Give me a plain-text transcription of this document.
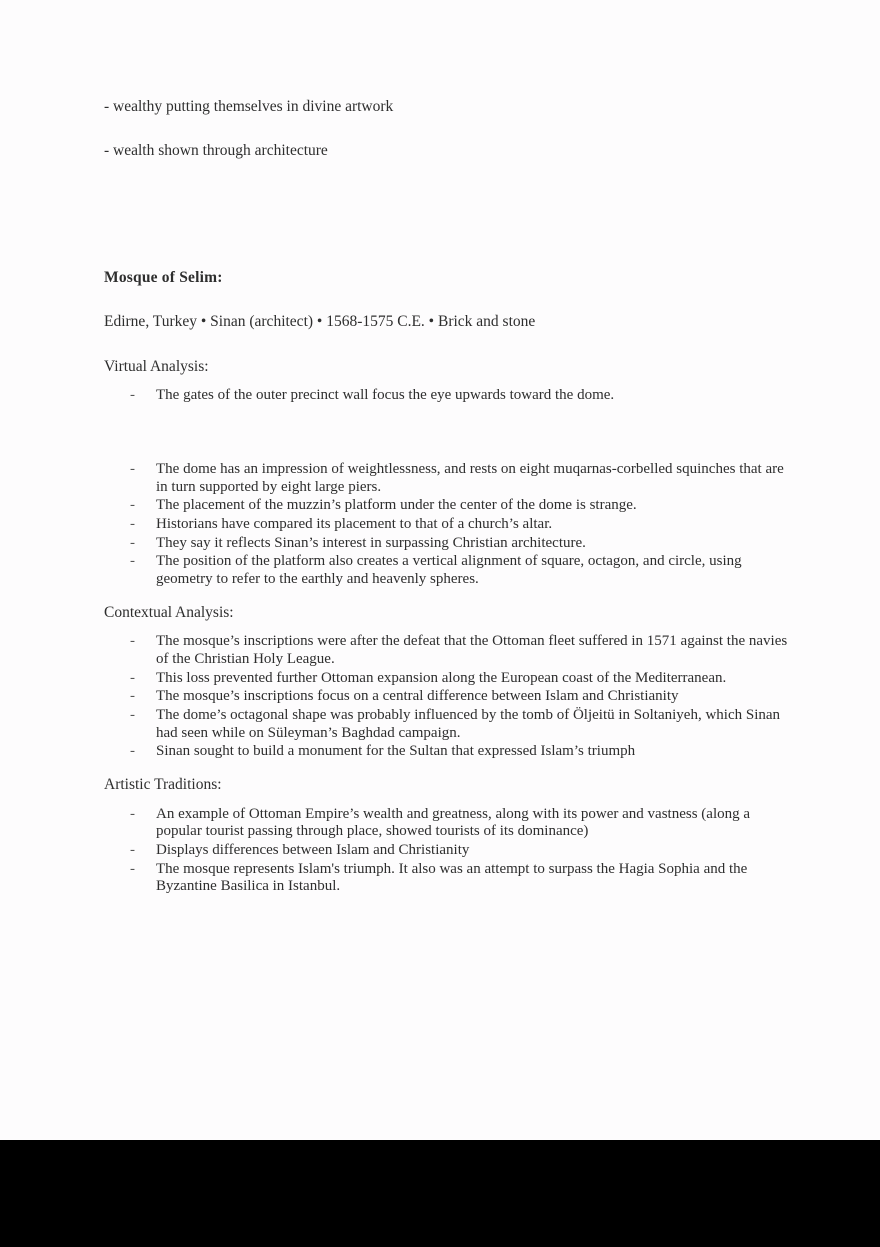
- wealthy putting themselves in divine artwork

- wealth shown through architecture

Mosque of Selim:

Edirne, Turkey • Sinan (architect) • 1568-1575 C.E. • Brick and stone

Virtual Analysis:

- The gates of the outer precinct wall focus the eye upwards toward the dome.
- The dome has an impression of weightlessness, and rests on eight muqarnas-corbelled squinches that are in turn supported by eight large piers.
- The placement of the muzzin’s platform under the center of the dome is strange.
- Historians have compared its placement to that of a church’s altar.
- They say it reflects Sinan’s interest in surpassing Christian architecture.
- The position of the platform also creates a vertical alignment of square, octagon, and circle, using geometry to refer to the earthly and heavenly spheres.

Contextual Analysis:

- The mosque’s inscriptions were after the defeat that the Ottoman fleet suffered in 1571 against the navies of the Christian Holy League.
- This loss prevented further Ottoman expansion along the European coast of the Mediterranean.
- The mosque’s inscriptions focus on a central difference between Islam and Christianity
- The dome’s octagonal shape was probably influenced by the tomb of Öljeitü in Soltaniyeh, which Sinan had seen while on Süleyman’s Baghdad campaign.
- Sinan sought to build a monument for the Sultan that expressed Islam’s triumph

Artistic Traditions:

- An example of Ottoman Empire’s wealth and greatness, along with its power and vastness (along a popular tourist passing through place, showed tourists of its dominance)
- Displays differences between Islam and Christianity
- The mosque represents Islam's triumph. It also was an attempt to surpass the Hagia Sophia and the Byzantine Basilica in Istanbul.
